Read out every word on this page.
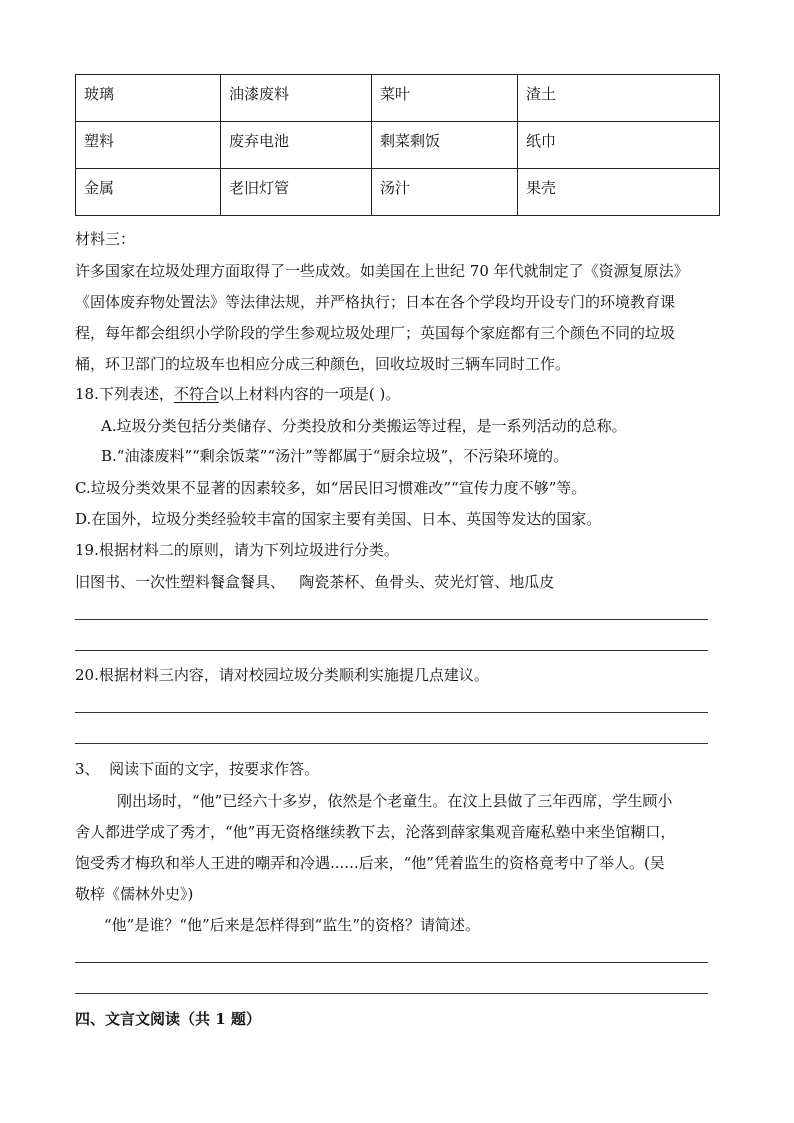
玻璃	油漆废料	菜叶	渣土
塑料	废弃电池	剩菜剩饭	纸巾
金属	老旧灯管	汤汁	果壳
材料三：
许多国家在垃圾处理方面取得了一些成效。如美国在上世纪 70 年代就制定了《资源复原法》
《固体废弃物处置法》等法律法规，并严格执行；日本在各个学段均开设专门的环境教育课
程，每年都会组织小学阶段的学生参观垃圾处理厂；英国每个家庭都有三个颜色不同的垃圾
桶，环卫部门的垃圾车也相应分成三种颜色，回收垃圾时三辆车同时工作。
18.下列表述，不符合以上材料内容的一项是( )。
A.垃圾分类包括分类储存、分类投放和分类搬运等过程，是一系列活动的总称。
B.“油漆废料”“剩余饭菜”“汤汁”等都属于“厨余垃圾”，不污染环境的。
C.垃圾分类效果不显著的因素较多，如“居民旧习惯难改”“宣传力度不够”等。
D.在国外，垃圾分类经验较丰富的国家主要有美国、日本、英国等发达的国家。
19.根据材料二的原则，请为下列垃圾进行分类。
旧图书、一次性塑料餐盒餐具、   陶瓷茶杯、鱼骨头、荧光灯管、地瓜皮
20.根据材料三内容，请对校园垃圾分类顺利实施提几点建议。
3、  阅读下面的文字，按要求作答。
刚出场时，“他”已经六十多岁，依然是个老童生。在汶上县做了三年西席，学生顾小
舍人都进学成了秀才，“他”再无资格继续教下去，沦落到薛家集观音庵私塾中来坐馆糊口，
饱受秀才梅玖和举人王进的嘲弄和冷遇......后来，“他”凭着监生的资格竟考中了举人。(吴
敬梓《儒林外史》)
“他”是谁？“他”后来是怎样得到“监生”的资格？请简述。
四、文言文阅读（共 1 题）
